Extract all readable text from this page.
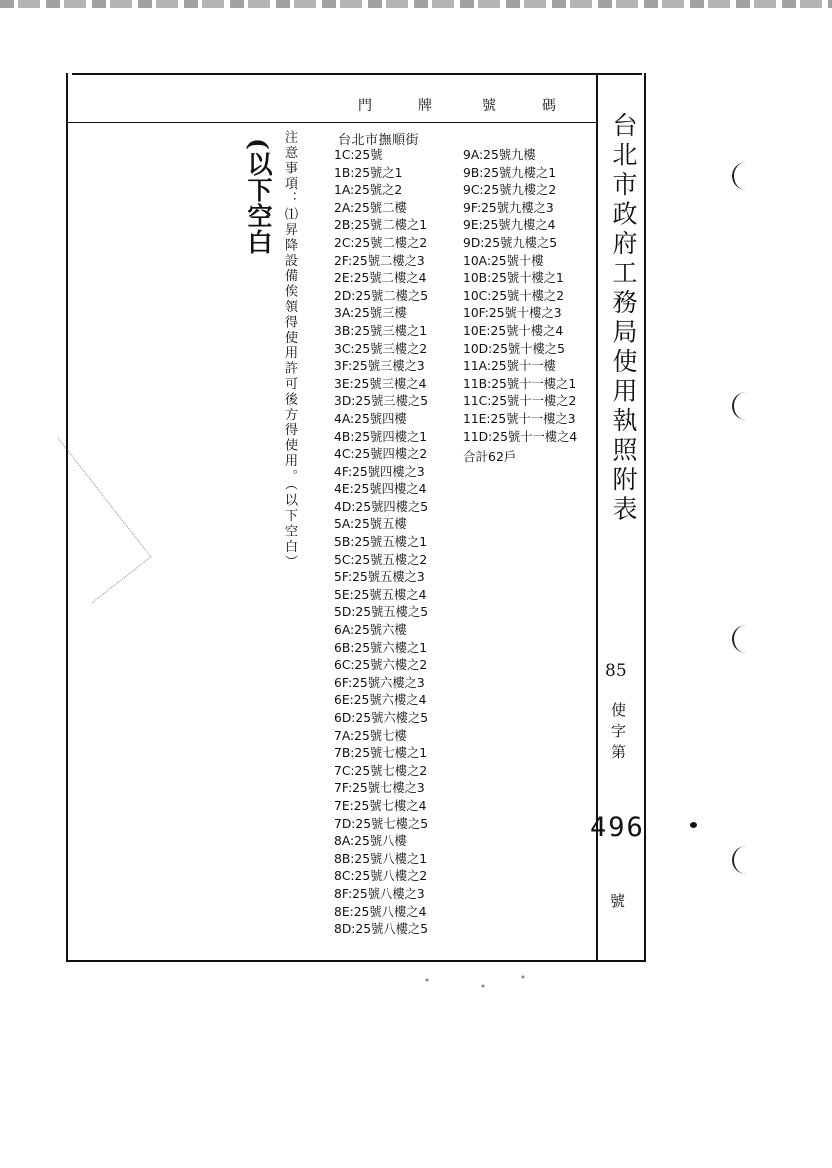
門	牌	號	碼
台北市政府工務局使用執照附表
85
使字第
496
號
(以下空白 注意事項：⑴昇降設備俟領得使用許可後方得使用。（以下空白）	台北市撫順街
1C:25號
1B:25號之1
1A:25號之2
2A:25號二樓
2B:25號二樓之1
2C:25號二樓之2
2F:25號二樓之3
2E:25號二樓之4
2D:25號二樓之5
3A:25號三樓
3B:25號三樓之1
3C:25號三樓之2
3F:25號三樓之3
3E:25號三樓之4
3D:25號三樓之5
4A:25號四樓
4B:25號四樓之1
4C:25號四樓之2
4F:25號四樓之3
4E:25號四樓之4
4D:25號四樓之5
5A:25號五樓
5B:25號五樓之1
5C:25號五樓之2
5F:25號五樓之3
5E:25號五樓之4
5D:25號五樓之5
6A:25號六樓
6B:25號六樓之1
6C:25號六樓之2
6F:25號六樓之3
6E:25號六樓之4
6D:25號六樓之5
7A:25號七樓
7B:25號七樓之1
7C:25號七樓之2
7F:25號七樓之3
7E:25號七樓之4
7D:25號七樓之5
8A:25號八樓
8B:25號八樓之1
8C:25號八樓之2
8F:25號八樓之3
8E:25號八樓之4
8D:25號八樓之5
9A:25號九樓
9B:25號九樓之1
9C:25號九樓之2
9F:25號九樓之3
9E:25號九樓之4
9D:25號九樓之5
10A:25號十樓
10B:25號十樓之1
10C:25號十樓之2
10F:25號十樓之3
10E:25號十樓之4
10D:25號十樓之5
11A:25號十一樓
11B:25號十一樓之1
11C:25號十一樓之2
11E:25號十一樓之3
11D:25號十一樓之4
合計62戶
